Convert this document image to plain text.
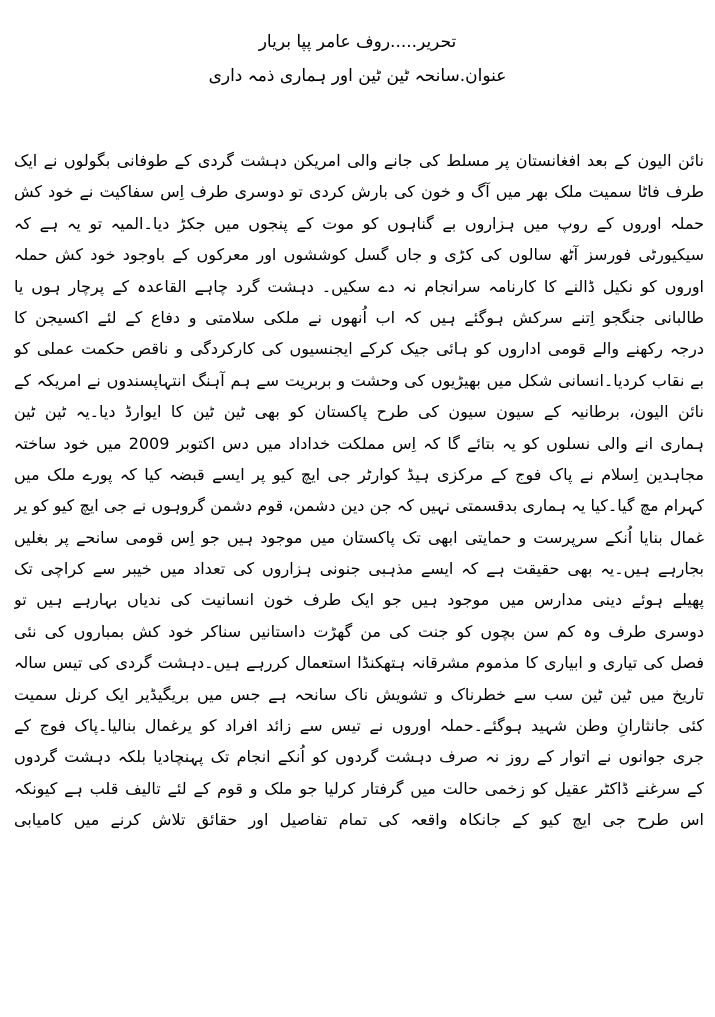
تحریر.....روف عامر پپا بریار
عنوان.سانحہ ٹین ٹین اور ہماری ذمہ داری
نائن الیون کے بعد افغانستان پر مسلط کی جانے والی امریکن دہشت گردی کے طوفانی بگولوں نے ایک
طرف فاٹا سمیت ملک بھر میں آگ و خون کی بارش کردی تو دوسری طرف اِس سفاکیت نے خود کش
حملہ اوروں کے روپ میں ہزاروں بے گناہوں کو موت کے پنجوں میں جکڑ دیا۔المیہ تو یہ ہے کہ
سیکیورٹی فورسز آٹھ سالوں کی کڑی و جاں گسل کوششوں اور معرکوں کے باوجود خود کش حملہ
اوروں کو نکیل ڈالنے کا کارنامہ سرانجام نہ دے سکیں۔ دہشت گرد چاہے القاعدہ کے پرچار ہوں یا
طالبانی جنگجو اِتنے سرکش ہوگئے ہیں کہ اب اُنھوں نے ملکی سلامتی و دفاع کے لئے اکسیجن کا
درجہ رکھنے والے قومی اداروں کو ہائی جیک کرکے ایجنسیوں کی کارکردگی و ناقص حکمت عملی کو
بے نقاب کردیا۔انسانی شکل میں بھیڑیوں کی وحشت و بربریت سے ہم آہنگ انتہاپسندوں نے امریکہ کے
نائن الیون، برطانیہ کے سیون سیون کی طرح پاکستان کو بھی ٹین ٹین کا ایوارڈ دیا۔یہ ٹین ٹین
ہماری انے والی نسلوں کو یہ بتائے گا کہ اِس مملکت خداداد میں دس اکتوبر 2009 میں خود ساختہ
مجاہدین اِسلام نے پاک فوج کے مرکزی ہیڈ کوارٹر جی ایچ کیو پر ایسے قبضہ کیا کہ پورے ملک میں
کہرام مچ گیا۔کیا یہ ہماری بدقسمتی نہیں کہ جن دین دشمن، قوم دشمن گروہوں نے جی ایچ کیو کو یر
غمال بنایا اُنکے سرپرست و حمایتی ابھی تک پاکستان میں موجود ہیں جو اِس قومی سانحے پر بغلیں
بجارہے ہیں۔یہ بھی حقیقت ہے کہ ایسے مذہبی جنونی ہزاروں کی تعداد میں خیبر سے کراچی تک
پھیلے ہوئے دینی مدارس میں موجود ہیں جو ایک طرف خون انسانیت کی ندیاں بہارہے ہیں تو
دوسری طرف وہ کم سن بچوں کو جنت کی من گھڑت داستانیں سناکر خود کش بمباروں کی نئی
فصل کی تیاری و ابیاری کا مذموم مشرقانہ ہتھکنڈا استعمال کررہے ہیں۔دہشت گردی کی تیس سالہ
تاریخ میں ٹین ٹین سب سے خطرناک و تشویش ناک سانحہ ہے جس میں بریگیڈیر ایک کرنل سمیت
کئی جانثارانِ وطن شہید ہوگئے۔حملہ اوروں نے تیس سے زائد افراد کو یرغمال بنالیا۔پاک فوج کے
جری جوانوں نے اتوار کے روز نہ صرف دہشت گردوں کو اُنکے انجام تک پہنچادیا بلکہ دہشت گردوں
کے سرغنے ڈاکٹر عقیل کو زخمی حالت میں گرفتار کرلیا جو ملک و قوم کے لئے تالیف قلب ہے کیونکہ
اس طرح جی ایچ کیو کے جانکاہ واقعہ کی تمام تفاصیل اور حقائق تلاش کرنے میں کامیابی
